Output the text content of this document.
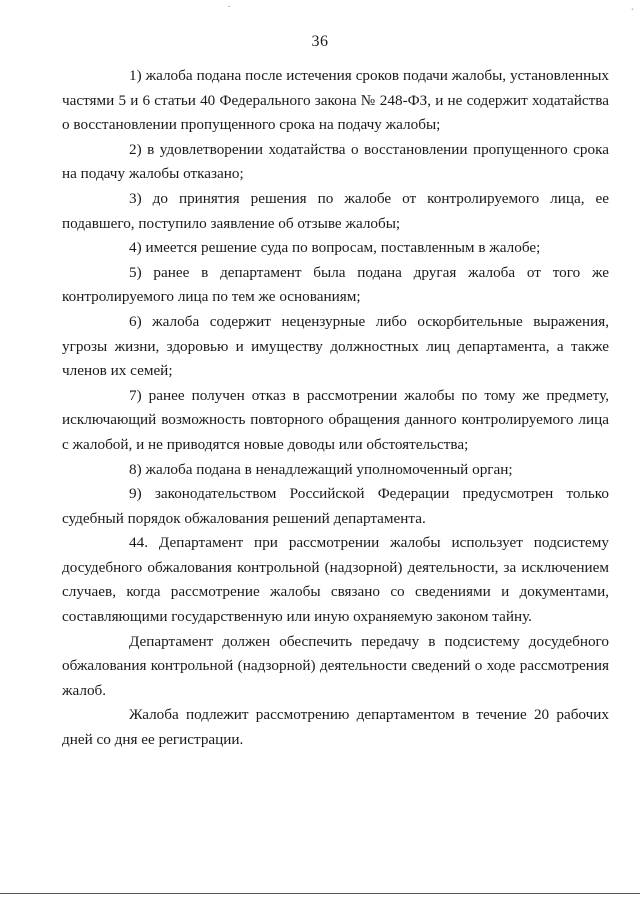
.	ˎ
36

1) жалоба подана после истечения сроков подачи жалобы, установленных частями 5 и 6 статьи 40 Федерального закона № 248-ФЗ, и не содержит ходатайства о восстановлении пропущенного срока на подачу жалобы;

2) в удовлетворении ходатайства о восстановлении пропущенного срока на подачу жалобы отказано;

3) до принятия решения по жалобе от контролируемого лица, ее подавшего, поступило заявление об отзыве жалобы;

4) имеется решение суда по вопросам, поставленным в жалобе;

5) ранее в департамент была подана другая жалоба от того же контролируемого лица по тем же основаниям;

6) жалоба содержит нецензурные либо оскорбительные выражения, угрозы жизни, здоровью и имуществу должностных лиц департамента, а также членов их семей;

7) ранее получен отказ в рассмотрении жалобы по тому же предмету, исключающий возможность повторного обращения данного контролируемого лица с жалобой, и не приводятся новые доводы или обстоятельства;

8) жалоба подана в ненадлежащий уполномоченный орган;

9) законодательством Российской Федерации предусмотрен только судебный порядок обжалования решений департамента.

44. Департамент при рассмотрении жалобы использует подсистему досудебного обжалования контрольной (надзорной) деятельности, за исключением случаев, когда рассмотрение жалобы связано со сведениями и документами, составляющими государственную или иную охраняемую законом тайну.

Департамент должен обеспечить передачу в подсистему досудебного обжалования контрольной (надзорной) деятельности сведений о ходе рассмотрения жалоб.

Жалоба подлежит рассмотрению департаментом в течение 20 рабочих дней со дня ее регистрации.
